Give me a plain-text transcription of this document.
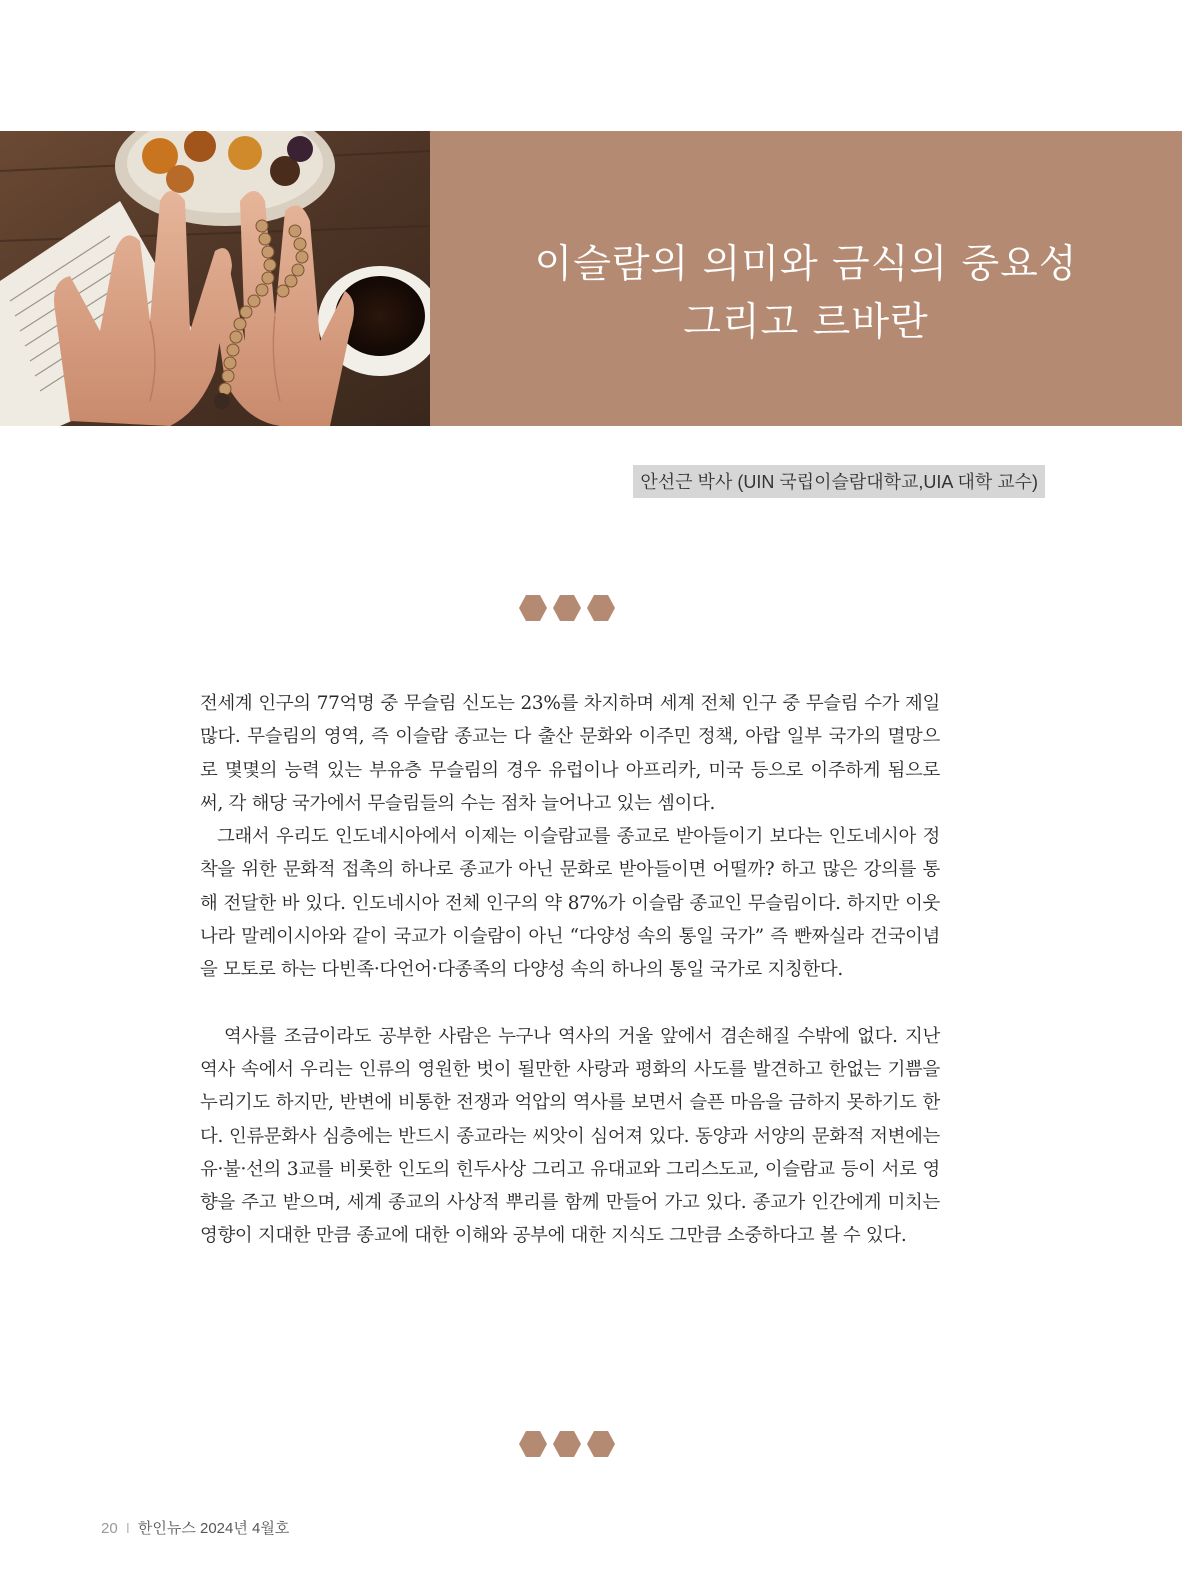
이슬람의 의미와 금식의 중요성
그리고 르바란
안선근 박사 (UIN 국립이슬람대학교,UIA 대학 교수)

전세계 인구의 77억명 중 무슬림 신도는 23%를 차지하며 세계 전체 인구 중 무슬림 수가 제일 많다. 무슬림의 영역, 즉 이슬람 종교는 다 출산 문화와 이주민 정책, 아랍 일부 국가의 멸망으로 몇몇의 능력 있는 부유층 무슬림의 경우 유럽이나 아프리카, 미국 등으로 이주하게 됨으로써, 각 해당 국가에서 무슬림들의 수는 점차 늘어나고 있는 셈이다.

그래서 우리도 인도네시아에서 이제는 이슬람교를 종교로 받아들이기 보다는 인도네시아 정착을 위한 문화적 접촉의 하나로 종교가 아닌 문화로 받아들이면 어떨까? 하고 많은 강의를 통해 전달한 바 있다. 인도네시아 전체 인구의 약 87%가 이슬람 종교인 무슬림이다. 하지만 이웃나라 말레이시아와 같이 국교가 이슬람이 아닌 “다양성 속의 통일 국가” 즉 빤짜실라 건국이념을 모토로 하는 다빈족·다언어·다종족의 다양성 속의 하나의 통일 국가로 지칭한다.

역사를 조금이라도 공부한 사람은 누구나 역사의 거울 앞에서 겸손해질 수밖에 없다. 지난 역사 속에서 우리는 인류의 영원한 벗이 될만한 사랑과 평화의 사도를 발견하고 한없는 기쁨을 누리기도 하지만, 반변에 비통한 전쟁과 억압의 역사를 보면서 슬픈 마음을 금하지 못하기도 한다. 인류문화사 심층에는 반드시 종교라는 씨앗이 심어져 있다. 동양과 서양의 문화적 저변에는 유·불·선의 3교를 비롯한 인도의 힌두사상 그리고 유대교와 그리스도교, 이슬람교 등이 서로 영향을 주고 받으며, 세계 종교의 사상적 뿌리를 함께 만들어 가고 있다. 종교가 인간에게 미치는 영향이 지대한 만큼 종교에 대한 이해와 공부에 대한 지식도 그만큼 소중하다고 볼 수 있다.

20 I 한인뉴스 2024년 4월호
